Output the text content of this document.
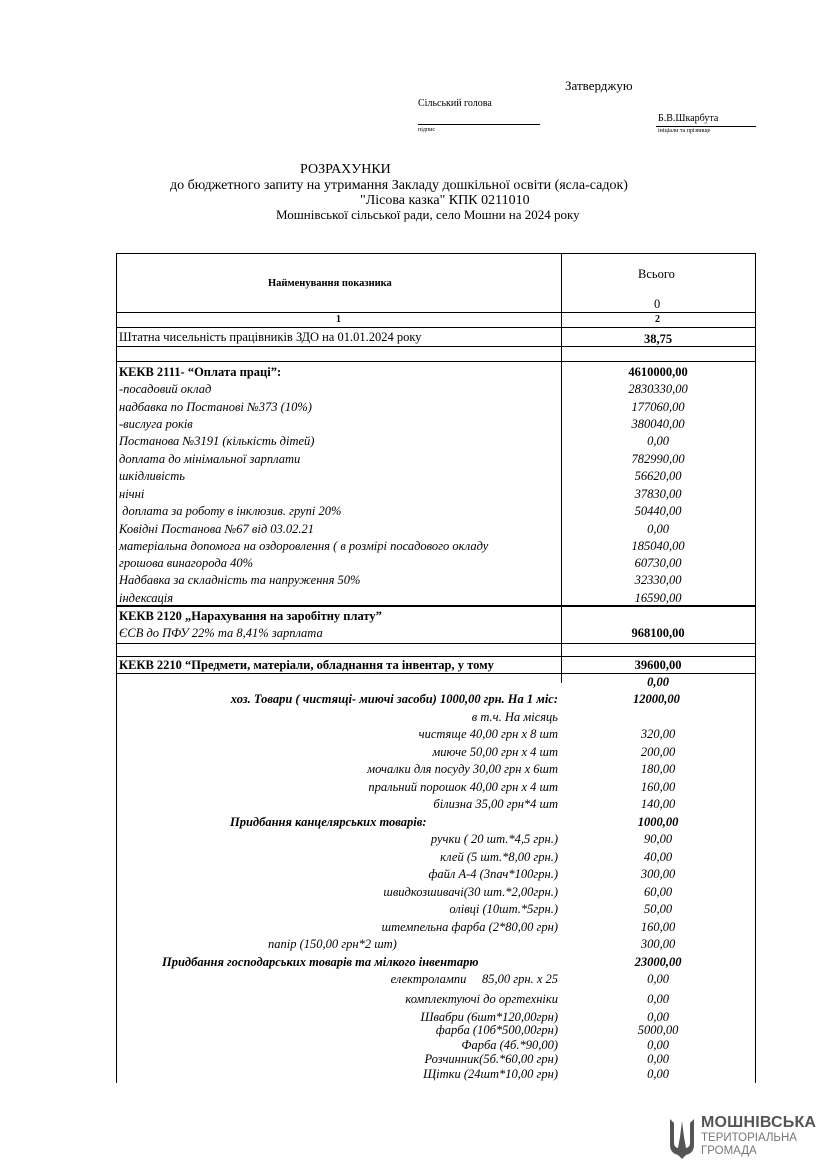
Затверджую
Сільський голова
підпис
Б.В.Шкарбута
ініціали та прізвище
РОЗРАХУНКИ
до бюджетного запиту на утримання Закладу дошкільної освіти (ясла-садок)
"Лісова казка" КПК 0211010
Мошнівської сільської ради, село Мошни на 2024 року
Найменування показника
Всього
0
1	2
Штатна чисельність працівників ЗДО на 01.01.2024 року	38,75
КЕКВ 2111- “Оплата праці”:	4610000,00
-посадовий оклад	2830330,00
надбавка по Постанові №373 (10%)	177060,00
-вислуга років	380040,00
Постанова №3191 (кількість дітей)	0,00
доплата до мінімальної зарплати	782990,00
шкідливість	56620,00
нічні	37830,00
доплата за роботу в інклюзив. групі 20%	50440,00
Ковідні Постанова №67 від 03.02.21	0,00
матеріальна допомога на оздоровлення ( в розмірі посадового окладу	185040,00
грошова винагорода 40%	60730,00
Надбавка за складність та напруження 50%	32330,00
індексація	16590,00
КЕКВ 2120 „Нарахування на заробітну плату”
ЄСВ до ПФУ 22% та 8,41% зарплата	968100,00
КЕКВ 2210 “Предмети, матеріали, обладнання та інвентар, у тому	39600,00
0,00
хоз. Товари ( чистящі- миючі засоби) 1000,00 грн. На 1 міс:	12000,00
в т.ч. На місяць
чистяще 40,00 грн х 8 шт	320,00
миюче 50,00 грн х 4 шт	200,00
мочалки для посуду 30,00 грн х 6шт	180,00
пральний порошок 40,00 грн х 4 шт	160,00
білизна 35,00 грн*4 шт	140,00
Придбання канцелярських товарів:	1000,00
ручки ( 20 шт.*4,5 грн.)	90,00
клей (5 шт.*8,00 грн.)	40,00
файл А-4 (3пач*100грн.)	300,00
швидкозшивачі(30 шт.*2,00грн.)	60,00
олівці (10шт.*5грн.)	50,00
штемпельна фарба (2*80,00 грн)	160,00
папір (150,00 грн*2 шт)	300,00
Придбання господарських товарів та мілкого інвентарю	23000,00
електролампи     85,00 грн. х 25	0,00
комплектуючі до оргтехніки	0,00
Швабри (6шт*120,00грн)	0,00
фарба (10б*500,00грн)	5000,00
Фарба (4б.*90,00)	0,00
Розчинник(5б.*60,00 грн)	0,00
Щітки (24шт*10,00 грн)	0,00
МОШНІВСЬКА
ТЕРИТОРІАЛЬНА
ГРОМАДА
